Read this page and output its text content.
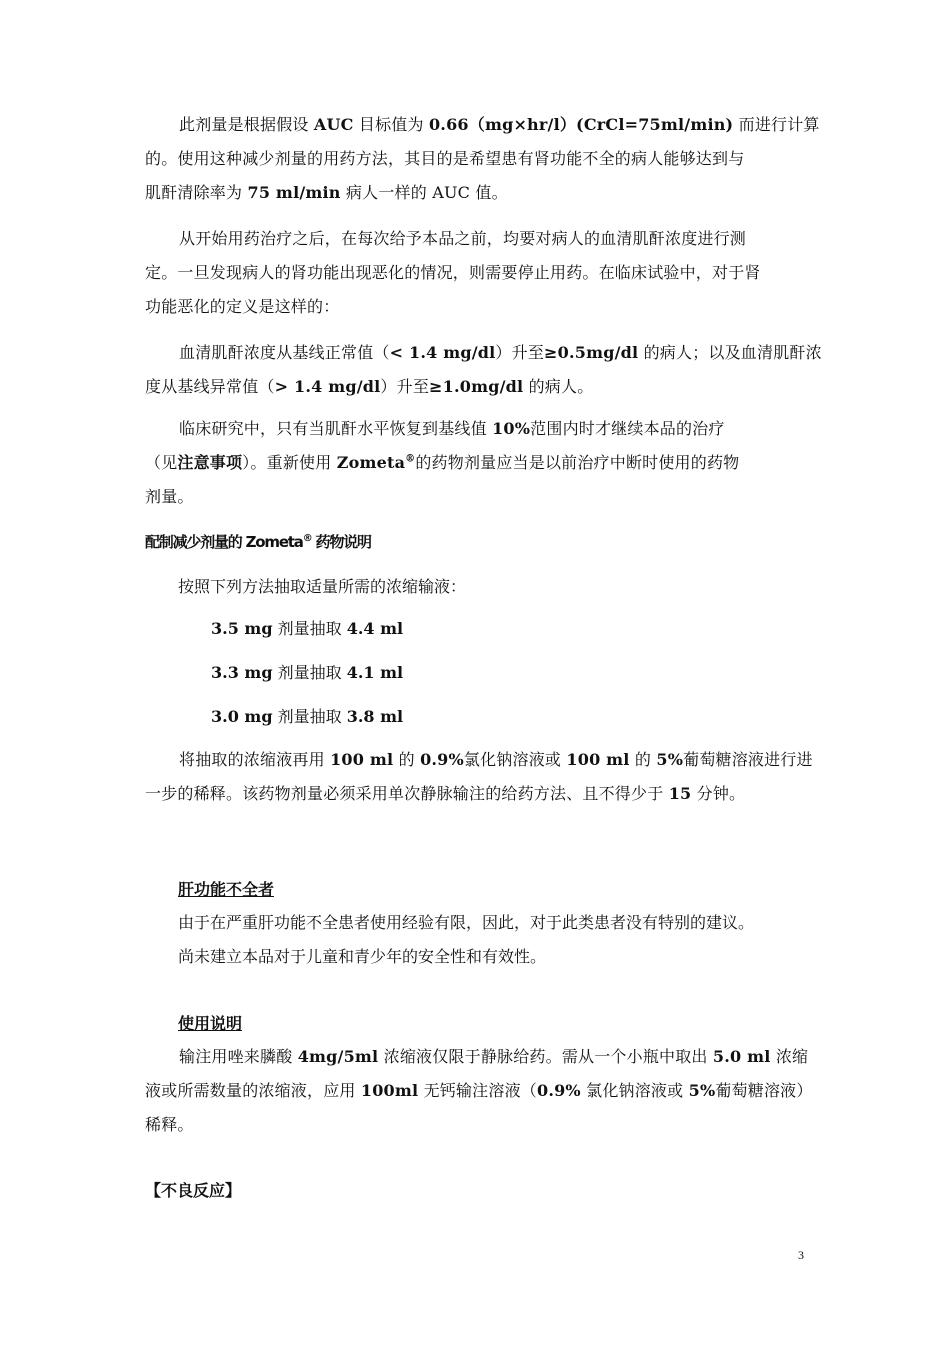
此剂量是根据假设 AUC 目标值为 0.66（mg×hr/l）(CrCl=75ml/min) 而进行计算
的。使用这种减少剂量的用药方法，其目的是希望患有肾功能不全的病人能够达到与
肌酐清除率为 75 ml/min 病人一样的 AUC 值。

从开始用药治疗之后，在每次给予本品之前，均要对病人的血清肌酐浓度进行测
定。一旦发现病人的肾功能出现恶化的情况，则需要停止用药。在临床试验中，对于肾
功能恶化的定义是这样的：

血清肌酐浓度从基线正常值（< 1.4 mg/dl）升至≥0.5mg/dl 的病人；以及血清肌酐浓
度从基线异常值（> 1.4 mg/dl）升至≥1.0mg/dl 的病人。

临床研究中，只有当肌酐水平恢复到基线值 10%范围内时才继续本品的治疗
（见注意事项）。重新使用 Zometa®的药物剂量应当是以前治疗中断时使用的药物
剂量。

配制减少剂量的 Zometa® 药物说明
按照下列方法抽取适量所需的浓缩输液：
3.5 mg 剂量抽取 4.4 ml
3.3 mg 剂量抽取 4.1 ml
3.0 mg 剂量抽取 3.8 ml

将抽取的浓缩液再用 100 ml 的 0.9%氯化钠溶液或 100 ml 的 5%葡萄糖溶液进行进
一步的稀释。该药物剂量必须采用单次静脉输注的给药方法、且不得少于 15 分钟。

肝功能不全者
由于在严重肝功能不全患者使用经验有限，因此，对于此类患者没有特别的建议。
尚未建立本品对于儿童和青少年的安全性和有效性。
使用说明

输注用唑来膦酸 4mg/5ml 浓缩液仅限于静脉给药。需从一个小瓶中取出 5.0 ml 浓缩
液或所需数量的浓缩液，应用 100ml 无钙输注溶液（0.9% 氯化钠溶液或 5%葡萄糖溶液）
稀释。

【不良反应】
3
